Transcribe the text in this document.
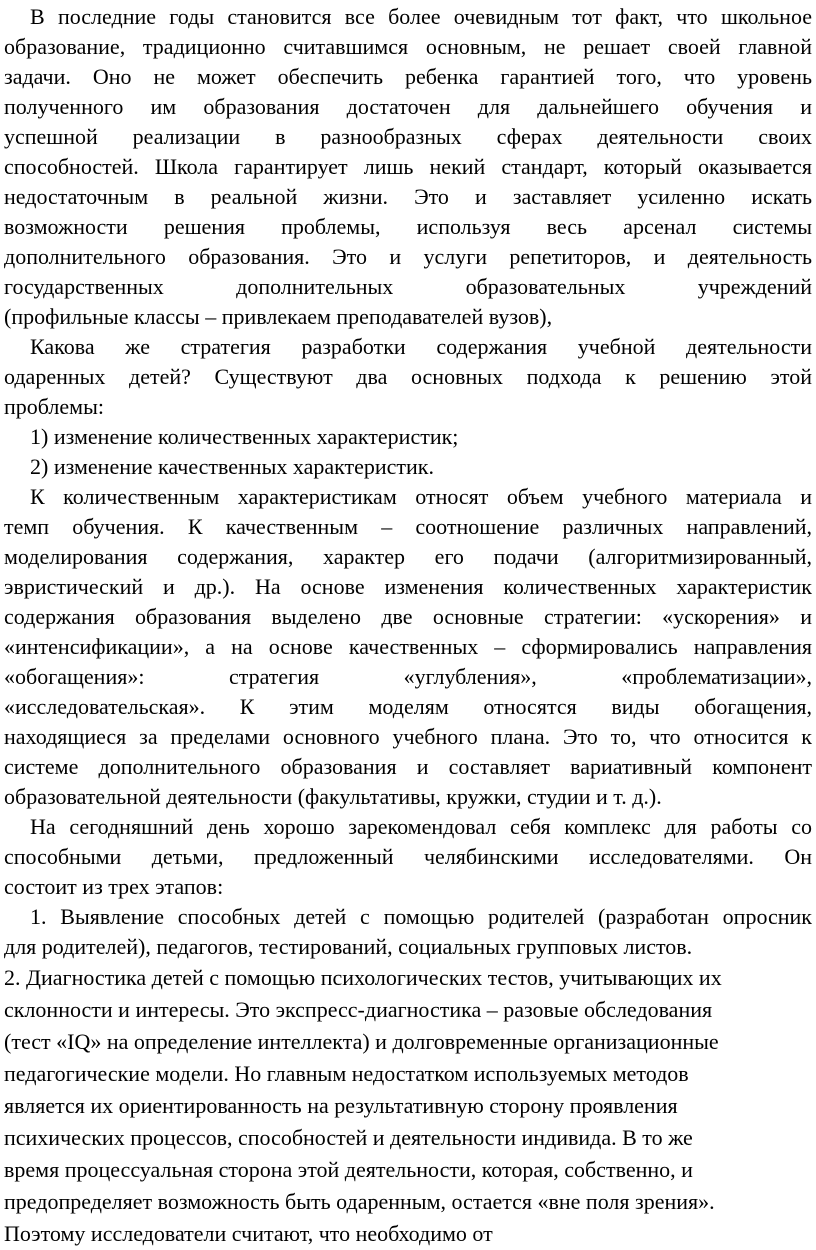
В последние годы становится все более очевидным тот факт, что школьное
образование, традиционно считавшимся основным, не решает своей главной
задачи. Оно не может обеспечить ребенка гарантией того, что уровень
полученного им образования достаточен для дальнейшего обучения и
успешной реализации в разнообразных сферах деятельности своих
способностей. Школа гарантирует лишь некий стандарт, который оказывается
недостаточным в реальной жизни. Это и заставляет усиленно искать
возможности решения проблемы, используя весь арсенал системы
дополнительного образования. Это и услуги репетиторов, и деятельность
государственных дополнительных образовательных учреждений
(профильные классы – привлекаем преподавателей вузов),
Какова же стратегия разработки содержания учебной деятельности
одаренных детей? Существуют два основных подхода к решению этой
проблемы:
1) изменение количественных характеристик;
2) изменение качественных характеристик.
К количественным характеристикам относят объем учебного материала и
темп обучения. К качественным – соотношение различных направлений,
моделирования содержания, характер его подачи (алгоритмизированный,
эвристический и др.). На основе изменения количественных характеристик
содержания образования выделено две основные стратегии: «ускорения» и
«интенсификации», а на основе качественных – сформировались направления
«обогащения»: стратегия «углубления», «проблематизации»,
«исследовательская». К этим моделям относятся виды обогащения,
находящиеся за пределами основного учебного плана. Это то, что относится к
системе дополнительного образования и составляет вариативный компонент
образовательной деятельности (факультативы, кружки, студии и т. д.).
На сегодняшний день хорошо зарекомендовал себя комплекс для работы со
способными детьми, предложенный челябинскими исследователями. Он
состоит из трех этапов:
1. Выявление способных детей с помощью родителей (разработан опросник
для родителей), педагогов, тестирований, социальных групповых листов.
2. Диагностика детей с помощью психологических тестов, учитывающих их
склонности и интересы. Это экспресс-диагностика – разовые обследования
(тест «IQ» на определение интеллекта) и долговременные организационные
педагогические модели. Но главным недостатком используемых методов
является их ориентированность на результативную сторону проявления
психических процессов, способностей и деятельности индивида. В то же
время процессуальная сторона этой деятельности, которая, собственно, и
предопределяет возможность быть одаренным, остается «вне поля зрения».
Поэтому исследователи считают, что необходимо от
